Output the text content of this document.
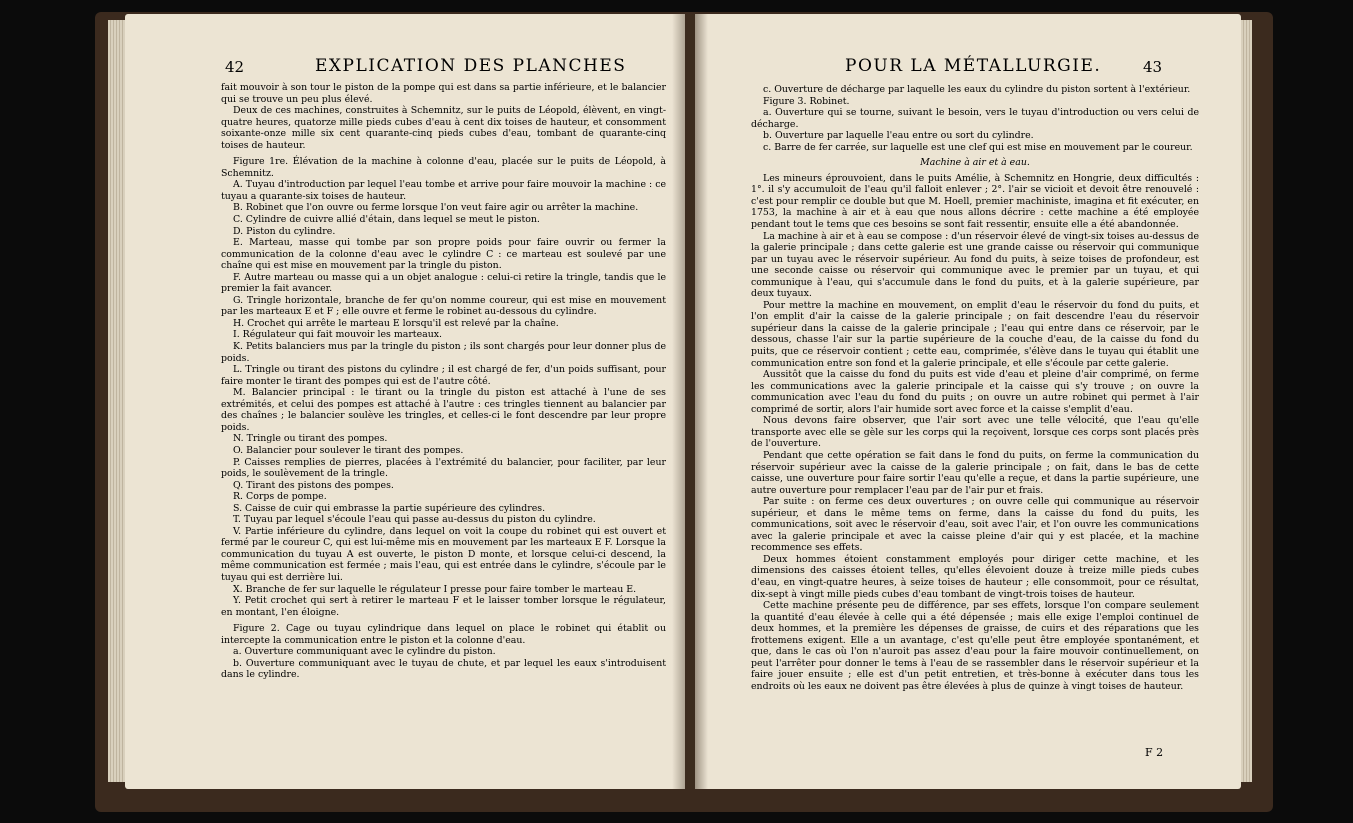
42	EXPLICATION DES PLANCHES

fait mouvoir à son tour le piston de la pompe qui est dans sa partie inférieure, et le balancier qui se trouve un peu plus élevé.

Deux de ces machines, construites à Schemnitz, sur le puits de Léopold, élèvent, en vingt-quatre heures, quatorze mille pieds cubes d'eau à cent dix toises de hauteur, et consomment soixante-onze mille six cent quarante-cinq pieds cubes d'eau, tombant de quarante-cinq toises de hauteur.

Figure 1re. Élévation de la machine à colonne d'eau, placée sur le puits de Léopold, à Schemnitz.

A. Tuyau d'introduction par lequel l'eau tombe et arrive pour faire mouvoir la machine : ce tuyau a quarante-six toises de hauteur.

B. Robinet que l'on ouvre ou ferme lorsque l'on veut faire agir ou arrêter la machine.

C. Cylindre de cuivre allié d'étain, dans lequel se meut le piston.

D. Piston du cylindre.

E. Marteau, masse qui tombe par son propre poids pour faire ouvrir ou fermer la communication de la colonne d'eau avec le cylindre C : ce marteau est soulevé par une chaîne qui est mise en mouvement par la tringle du piston.

F. Autre marteau ou masse qui a un objet analogue : celui-ci retire la tringle, tandis que le premier la fait avancer.

G. Tringle horizontale, branche de fer qu'on nomme coureur, qui est mise en mouvement par les marteaux E et F ; elle ouvre et ferme le robinet au-dessous du cylindre.

H. Crochet qui arrête le marteau E lorsqu'il est relevé par la chaîne.

I. Régulateur qui fait mouvoir les marteaux.

K. Petits balanciers mus par la tringle du piston ; ils sont chargés pour leur donner plus de poids.

L. Tringle ou tirant des pistons du cylindre ; il est chargé de fer, d'un poids suffisant, pour faire monter le tirant des pompes qui est de l'autre côté.

M. Balancier principal : le tirant ou la tringle du piston est attaché à l'une de ses extrémités, et celui des pompes est attaché à l'autre : ces tringles tiennent au balancier par des chaînes ; le balancier soulève les tringles, et celles-ci le font descendre par leur propre poids.

N. Tringle ou tirant des pompes.

O. Balancier pour soulever le tirant des pompes.

P. Caisses remplies de pierres, placées à l'extrémité du balancier, pour faciliter, par leur poids, le soulèvement de la tringle.

Q. Tirant des pistons des pompes.

R. Corps de pompe.

S. Caisse de cuir qui embrasse la partie supérieure des cylindres.

T. Tuyau par lequel s'écoule l'eau qui passe au-dessus du piston du cylindre.

V. Partie inférieure du cylindre, dans lequel on voit la coupe du robinet qui est ouvert et fermé par le coureur C, qui est lui-même mis en mouvement par les marteaux E F. Lorsque la communication du tuyau A est ouverte, le piston D monte, et lorsque celui-ci descend, la même communication est fermée ; mais l'eau, qui est entrée dans le cylindre, s'écoule par le tuyau qui est derrière lui.

X. Branche de fer sur laquelle le régulateur I presse pour faire tomber le marteau E.

Y. Petit crochet qui sert à retirer le marteau F et le laisser tomber lorsque le régulateur, en montant, l'en éloigne.

Figure 2. Cage ou tuyau cylindrique dans lequel on place le robinet qui établit ou intercepte la communication entre le piston et la colonne d'eau.

a. Ouverture communiquant avec le cylindre du piston.

b. Ouverture communiquant avec le tuyau de chute, et par lequel les eaux s'introduisent dans le cylindre.

POUR LA MÉTALLURGIE.	43

c. Ouverture de décharge par laquelle les eaux du cylindre du piston sortent à l'extérieur.

Figure 3. Robinet.

a. Ouverture qui se tourne, suivant le besoin, vers le tuyau d'introduction ou vers celui de décharge.

b. Ouverture par laquelle l'eau entre ou sort du cylindre.

c. Barre de fer carrée, sur laquelle est une clef qui est mise en mouvement par le coureur.

Machine à air et à eau.

Les mineurs éprouvoient, dans le puits Amélie, à Schemnitz en Hongrie, deux difficultés : 1°. il s'y accumuloit de l'eau qu'il falloit enlever ; 2°. l'air se vicioit et devoit être renouvelé : c'est pour remplir ce double but que M. Hoell, premier machiniste, imagina et fit exécuter, en 1753, la machine à air et à eau que nous allons décrire : cette machine a été employée pendant tout le tems que ces besoins se sont fait ressentir, ensuite elle a été abandonnée.

La machine à air et à eau se compose : d'un réservoir élevé de vingt-six toises au-dessus de la galerie principale ; dans cette galerie est une grande caisse ou réservoir qui communique par un tuyau avec le réservoir supérieur. Au fond du puits, à seize toises de profondeur, est une seconde caisse ou réservoir qui communique avec le premier par un tuyau, et qui communique à l'eau, qui s'accumule dans le fond du puits, et à la galerie supérieure, par deux tuyaux.

Pour mettre la machine en mouvement, on emplit d'eau le réservoir du fond du puits, et l'on emplit d'air la caisse de la galerie principale ; on fait descendre l'eau du réservoir supérieur dans la caisse de la galerie principale ; l'eau qui entre dans ce réservoir, par le dessous, chasse l'air sur la partie supérieure de la couche d'eau, de la caisse du fond du puits, que ce réservoir contient ; cette eau, comprimée, s'élève dans le tuyau qui établit une communication entre son fond et la galerie principale, et elle s'écoule par cette galerie.

Aussitôt que la caisse du fond du puits est vide d'eau et pleine d'air comprimé, on ferme les communications avec la galerie principale et la caisse qui s'y trouve ; on ouvre la communication avec l'eau du fond du puits ; on ouvre un autre robinet qui permet à l'air comprimé de sortir, alors l'air humide sort avec force et la caisse s'emplit d'eau.

Nous devons faire observer, que l'air sort avec une telle vélocité, que l'eau qu'elle transporte avec elle se gèle sur les corps qui la reçoivent, lorsque ces corps sont placés près de l'ouverture.

Pendant que cette opération se fait dans le fond du puits, on ferme la communication du réservoir supérieur avec la caisse de la galerie principale ; on fait, dans le bas de cette caisse, une ouverture pour faire sortir l'eau qu'elle a reçue, et dans la partie supérieure, une autre ouverture pour remplacer l'eau par de l'air pur et frais.

Par suite : on ferme ces deux ouvertures ; on ouvre celle qui communique au réservoir supérieur, et dans le même tems on ferme, dans la caisse du fond du puits, les communications, soit avec le réservoir d'eau, soit avec l'air, et l'on ouvre les communications avec la galerie principale et avec la caisse pleine d'air qui y est placée, et la machine recommence ses effets.

Deux hommes étoient constamment employés pour diriger cette machine, et les dimensions des caisses étoient telles, qu'elles élevoient douze à treize mille pieds cubes d'eau, en vingt-quatre heures, à seize toises de hauteur ; elle consommoit, pour ce résultat, dix-sept à vingt mille pieds cubes d'eau tombant de vingt-trois toises de hauteur.

Cette machine présente peu de différence, par ses effets, lorsque l'on compare seulement la quantité d'eau élevée à celle qui a été dépensée ; mais elle exige l'emploi continuel de deux hommes, et la première les dépenses de graisse, de cuirs et des réparations que les frottemens exigent. Elle a un avantage, c'est qu'elle peut être employée spontanément, et que, dans le cas où l'on n'auroit pas assez d'eau pour la faire mouvoir continuellement, on peut l'arrêter pour donner le tems à l'eau de se rassembler dans le réservoir supérieur et la faire jouer ensuite ; elle est d'un petit entretien, et très-bonne à exécuter dans tous les endroits où les eaux ne doivent pas être élevées à plus de quinze à vingt toises de hauteur.

F 2
